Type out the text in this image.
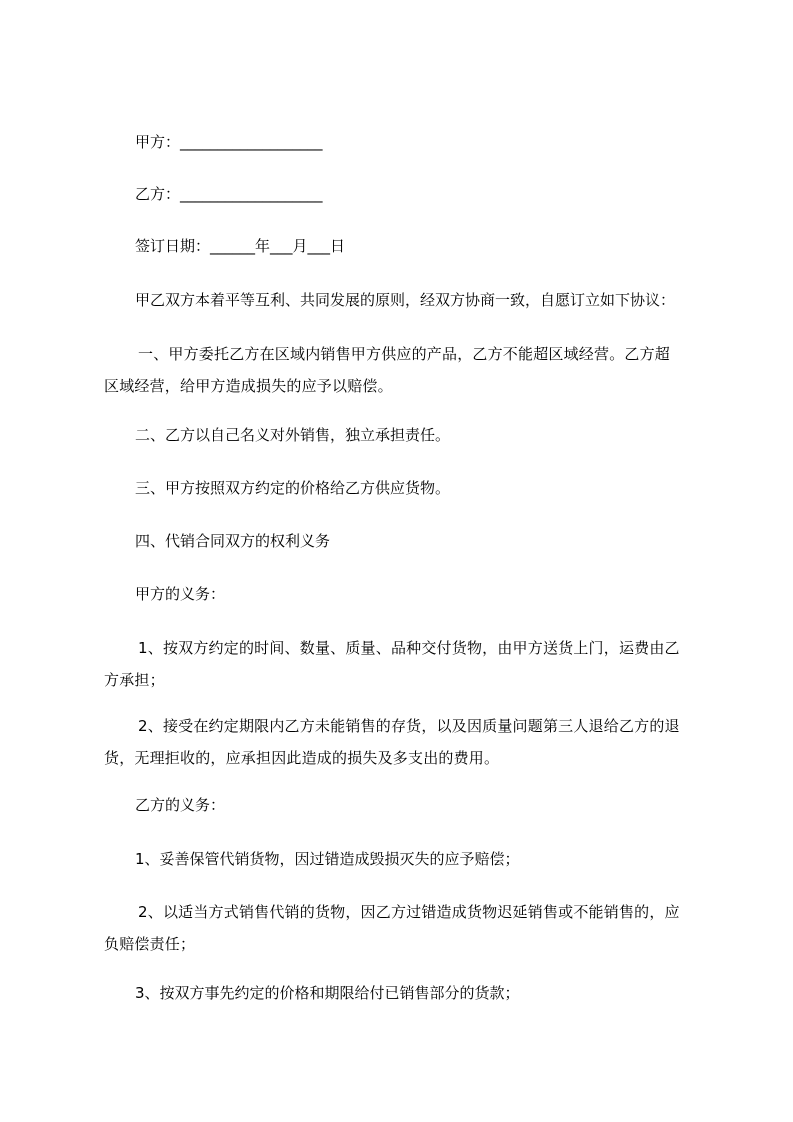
甲方：___________________
乙方：___________________
签订日期：______年___月___日
甲乙双方本着平等互利、共同发展的原则，经双方协商一致，自愿订立如下协议：
一、甲方委托乙方在区域内销售甲方供应的产品，乙方不能超区域经营。乙方超
区域经营，给甲方造成损失的应予以赔偿。
二、乙方以自己名义对外销售，独立承担责任。
三、甲方按照双方约定的价格给乙方供应货物。
四、代销合同双方的权利义务
甲方的义务：
1、按双方约定的时间、数量、质量、品种交付货物，由甲方送货上门，运费由乙
方承担；
2、接受在约定期限内乙方未能销售的存货，以及因质量问题第三人退给乙方的退
货，无理拒收的，应承担因此造成的损失及多支出的费用。
乙方的义务：
1、妥善保管代销货物，因过错造成毁损灭失的应予赔偿；
2、以适当方式销售代销的货物，因乙方过错造成货物迟延销售或不能销售的，应
负赔偿责任；
3、按双方事先约定的价格和期限给付已销售部分的货款；
